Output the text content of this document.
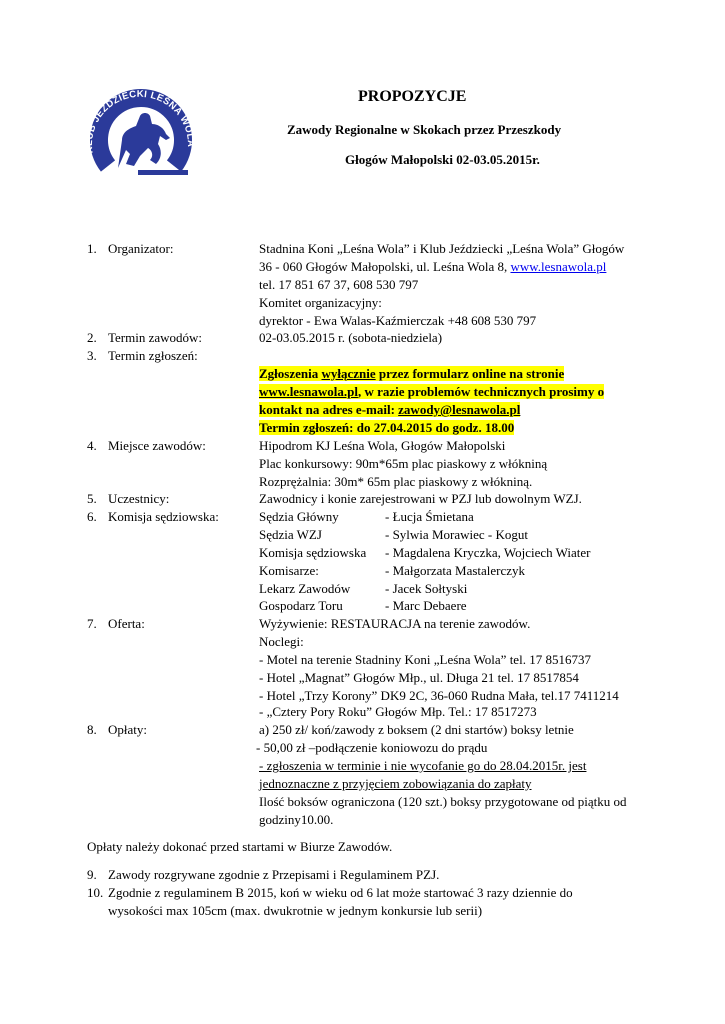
KLUB JEŹDZIECKI LEŚNA WOLA
PROPOZYCJE
Zawody Regionalne w Skokach przez Przeszkody
Głogów Małopolski 02-03.05.2015r.
1. Organizator:	Stadnina Koni „Leśna Wola” i Klub Jeździecki „Leśna Wola” Głogów
36 - 060 Głogów Małopolski, ul. Leśna Wola 8, www.lesnawola.pl
tel. 17 851 67 37, 608 530 797
Komitet organizacyjny:
dyrektor - Ewa Walas-Kaźmierczak +48 608 530 797
2. Termin zawodów:	02-03.05.2015 r. (sobota-niedziela)
3. Termin zgłoszeń:
Zgłoszenia wyłącznie przez formularz online na stronie
www.lesnawola.pl, w razie problemów technicznych prosimy o
kontakt na adres e-mail: zawody@lesnawola.pl
Termin zgłoszeń: do 27.04.2015 do godz. 18.00
4. Miejsce zawodów:	Hipodrom KJ Leśna Wola, Głogów Małopolski
Plac konkursowy: 90m*65m plac piaskowy z włókniną
Rozprężalnia: 30m* 65m plac piaskowy z włókniną.
5. Uczestnicy:	Zawodnicy i konie zarejestrowani w PZJ lub dowolnym WZJ.
6. Komisja sędziowska:	Sędzia Główny	- Łucja Śmietana
Sędzia WZJ	- Sylwia Morawiec - Kogut
Komisja sędziowska - Magdalena Kryczka, Wojciech Wiater
Komisarze:	- Małgorzata Mastalerczyk
Lekarz Zawodów	- Jacek Sołtyski
Gospodarz Toru	- Marc Debaere
7. Oferta:	Wyżywienie: RESTAURACJA na terenie zawodów.
Noclegi:
- Motel na terenie Stadniny Koni „Leśna Wola” tel. 17 8516737
- Hotel „Magnat” Głogów Młp., ul. Długa 21 tel. 17 8517854
- Hotel „Trzy Korony” DK9 2C, 36-060 Rudna Mała, tel.17 7411214
- „Cztery Pory Roku” Głogów Młp. Tel.: 17 8517273
8. Opłaty:	a) 250 zł/ koń/zawody z boksem (2 dni startów) boksy letnie
- 50,00 zł –podłączenie koniowozu do prądu
- zgłoszenia w terminie i nie wycofanie go do 28.04.2015r. jest
jednoznaczne z przyjęciem zobowiązania do zapłaty
Ilość boksów ograniczona (120 szt.) boksy przygotowane od piątku od
godziny10.00.
Opłaty należy dokonać przed startami w Biurze Zawodów.
9. Zawody rozgrywane zgodnie z Przepisami i Regulaminem PZJ.
10. Zgodnie z regulaminem B 2015, koń w wieku od 6 lat może startować 3 razy dziennie do
wysokości max 105cm (max. dwukrotnie w jednym konkursie lub serii)
